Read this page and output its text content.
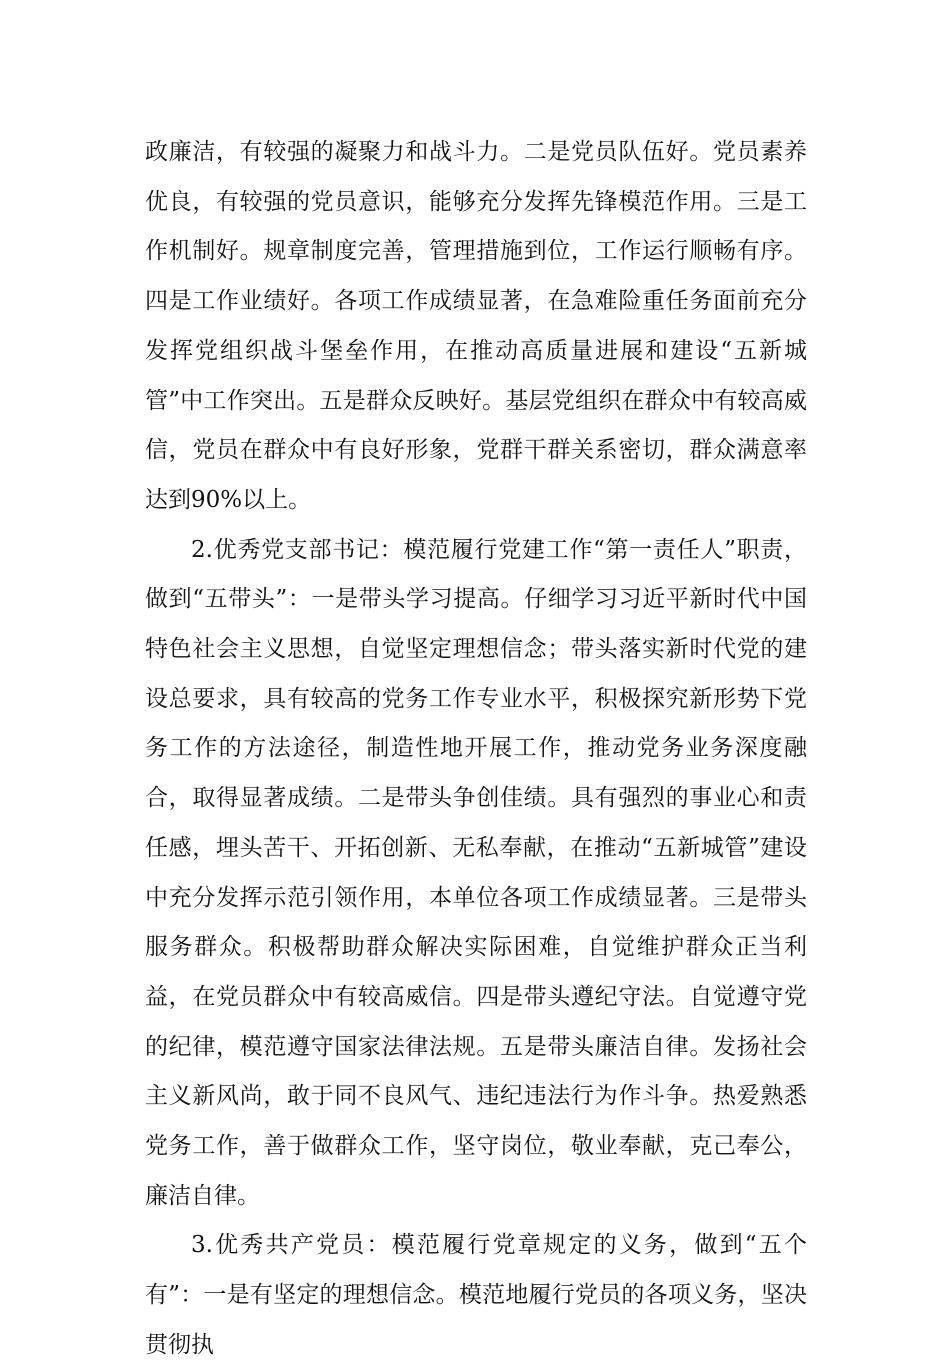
政廉洁，有较强的凝聚力和战斗力。二是党员队伍好。党员素养优良，有较强的党员意识，能够充分发挥先锋模范作用。三是工作机制好。规章制度完善，管理措施到位，工作运行顺畅有序。四是工作业绩好。各项工作成绩显著，在急难险重任务面前充分发挥党组织战斗堡垒作用，在推动高质量进展和建设“五新城管”中工作突出。五是群众反映好。基层党组织在群众中有较高威信，党员在群众中有良好形象，党群干群关系密切，群众满意率达到90%以上。

2.优秀党支部书记：模范履行党建工作“第一责任人”职责，做到“五带头”：一是带头学习提高。仔细学习习近平新时代中国特色社会主义思想，自觉坚定理想信念；带头落实新时代党的建设总要求，具有较高的党务工作专业水平，积极探究新形势下党务工作的方法途径，制造性地开展工作，推动党务业务深度融合，取得显著成绩。二是带头争创佳绩。具有强烈的事业心和责任感，埋头苦干、开拓创新、无私奉献，在推动“五新城管”建设中充分发挥示范引领作用，本单位各项工作成绩显著。三是带头服务群众。积极帮助群众解决实际困难，自觉维护群众正当利益，在党员群众中有较高威信。四是带头遵纪守法。自觉遵守党的纪律，模范遵守国家法律法规。五是带头廉洁自律。发扬社会主义新风尚，敢于同不良风气、违纪违法行为作斗争。热爱熟悉党务工作，善于做群众工作，坚守岗位，敬业奉献，克己奉公，廉洁自律。

3.优秀共产党员：模范履行党章规定的义务，做到“五个有”：一是有坚定的理想信念。模范地履行党员的各项义务，坚决贯彻执
